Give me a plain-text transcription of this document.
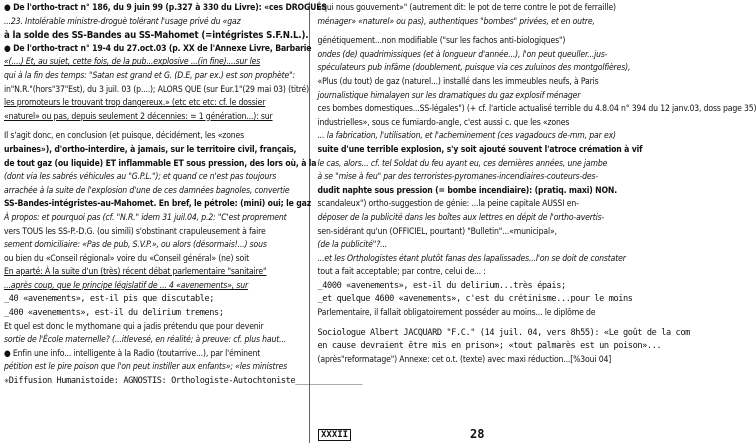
● De l'ortho-tract n° 186, du 9 juin 99 (p.327 à 330 du Livre): «ces DROGUÉS
...23. Intolérable ministre-droguè tolérant l'usage privé du «gaz
à la solde des SS-Bandes au SS-Mahomet (=intégristes S.F.N.L.).
● De l'ortho-tract n° 19-4 du 27.oct.03 (p. XX de l'Annexe Livre, Barbarie
«(....) Et, au sujet, cette fois, de la pub...explosive ...(in fine)....sur les
qui à la fin des temps: "Satan est grand et G. (D.E, par ex.) est son prophète":
in"N.R."(hors"37"Est), du 3 juil. 03 (p....); ALORS QUE (sur Eur.1"(29 mai 03) (titré)
les promoteurs le trouvant trop dangereux.» (etc etc etc: cf. le dossier
«naturel» ou pas, depuis seulement 2 décennies: = 1 génération...): sur
Il s'agit donc, en conclusion (et puisque, décidément, les «zones
urbaines»), d'ortho-interdire, à jamais, sur le territoire civil, français,
de tout gaz (ou liquide) ET inflammable ET sous pression, des lors où, à la
(dont via les sabrés véhicules au "G.P.L."); et quand ce n'est pas toujours
arrachée à la suite de l'explosion d'une de ces damnées bagnoles, convertie
SS-Bandes-intégristes-au-Mahomet. En bref, le pétrole: (mini) oui; le gaz
À propos: et pourquoi pas (cf. "N.R." idem 31 juil.04, p.2: "C'est proprement
vers TOUS les SS-P.-D.G. (ou simili) s'obstinant crapuleusement à faire
sement domiciliaire: «Pas de pub, S.V.P.», ou alors (désormais!...) sous
ou bien du «Conseil régional» voire du «Conseil général» (ne) soit
En aparté: À la suite d'un (très) récent débat parlementaire "sanitaire"
...après coup, que le principe législatif de ... 4 «avenements», sur
_40 «avenements», est-il pis que discutable;
_400 «avenements», est-il du delirium tremens;
Et quel est donc le mythomane qui a jadis prétendu que pour devenir
sortie de l'École maternelle? (...itlevesé, en réalité; à preuve: cf. plus haut...
● Enfin une info... intelligente à la Radio (toutarrive...), par l'éminent
pétition est le pire poison que l'on peut instiller aux enfants»; «les ministres
✳Diffusion Humanistoide: AGNOSTIS: Orthologiste-Autochtoniste______________
«qui nous gouvernent»" (autrement dit: le pot de terre contre le pot de ferraille)
ménager» «naturel» ou pas), authentiques "bombes" privées, et en outre,
génétiquement...non modifiable ("sur les fachos anti-biologiques")
ondes (de) quadrimissiques (et à longueur d'année...), l'on peut queuller...jus-
spéculateurs pub infâme (doublement, puisque via ces zuluinos des montgolfières),
«Plus (du tout) de gaz (naturel...) installé dans les immeubles neufs, à Paris
journalistique himalayen sur les dramatiques du gaz explosif ménager
ces bombes domestiques...SS-légales") (+ cf. l'article actualisé terrible du 4.8.04 n° 394 du 12 janv.03, doss page 35)
industrielles», sous ce fumiardo-angle, c'est aussi c. que les «zones
... la fabrication, l'utilisation, et l'acheminement (ces vagadoucs de-mm, par ex)
suite d'une terrible explosion, s'y soit ajouté souvent l'atroce crémation à vif
le cas, alors... cf. tel Soldat du feu ayant eu, ces dernières années, une jambe
à se "mise à feu" par des terroristes-pyromanes-incendiaires-couteurs-des-
dudit naphte sous pression (= bombe incendiaire): (pratiq. maxi) NON.
scandaleux") ortho-suggestion de génie: ...la peine capitale AUSSI en-
déposer de la publicité dans les boîtes aux lettres en dépit de l'ortho-avertis-
sen-sidérant qu'un (OFFICIEL, pourtant) "Bulletin"...«municipal»,
(de la publicité"?...
...et les Orthologistes étant plutôt fanas des lapalissades...l'on se doit de constater
tout a fait acceptable; par contre, celui de... :
_4000 «avenements», est-il du delirium...très épais;
_et quelque 4600 «avenements», c'est du crétinisme...pour le moins
Parlementaire, il fallait obligatoirement posséder au moins... le diplôme de
Sociologue Albert JACQUARD "F.C." (14 juil. 04, vers 8h55): «Le goût de la com
en cause devraient être mis en prison»; «tout palmarès est un poison»...
(après"reformatage") Annexe: cet o.t. (texte) avec maxi réduction...[%3oui 04]
XXXII	28
